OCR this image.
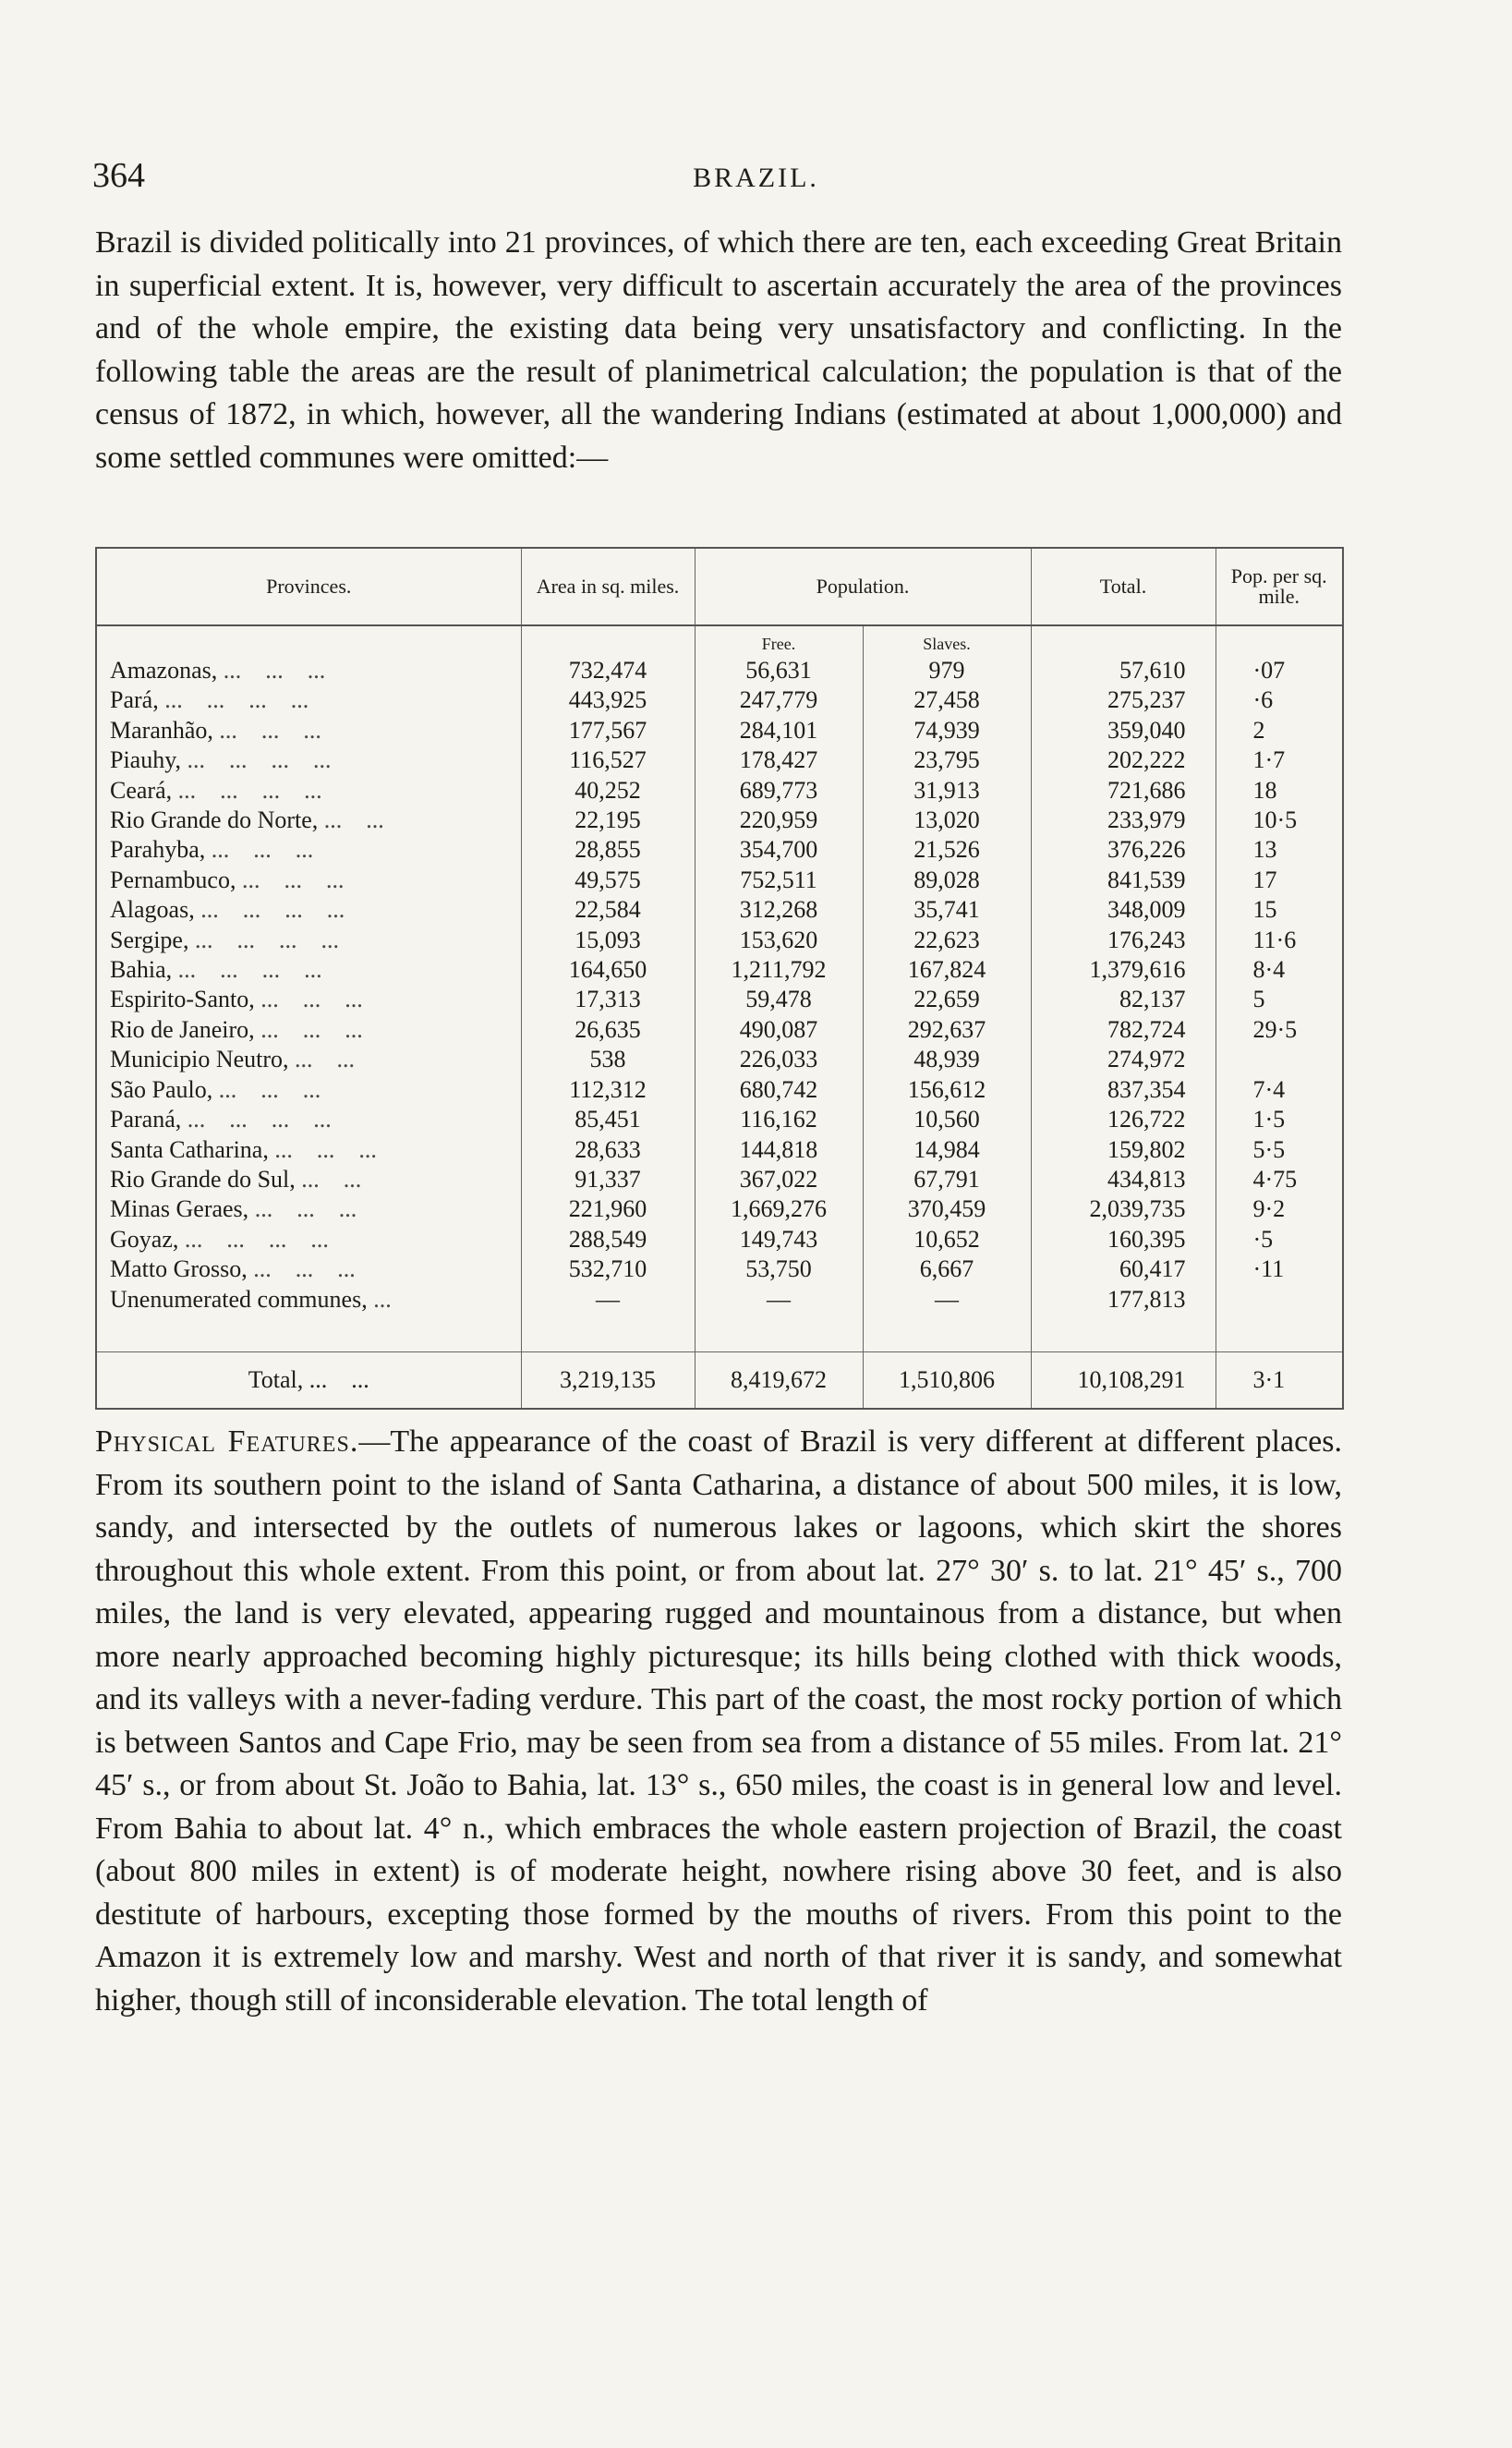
364	BRAZIL.

Brazil is divided politically into 21 provinces, of which there are ten, each exceeding Great Britain in superficial extent. It is, however, very difficult to ascertain accurately the area of the provinces and of the whole empire, the existing data being very unsatisfactory and conflicting. In the following table the areas are the result of planimetrical calculation; the population is that of the census of 1872, in which, however, all the wandering Indians (estimated at about 1,000,000) and some settled communes were omitted:—

Provinces.	Area in sq. miles.	Population.		Total.	Pop. per sq. mile.
		Free.	Slaves.		
Amazonas, ...    ...    ...	732,474	56,631	979	57,610	·07
Pará, ...    ...    ...    ...	443,925	247,779	27,458	275,237	·6
Maranhão, ...    ...    ...	177,567	284,101	74,939	359,040	2
Piauhy, ...    ...    ...    ...	116,527	178,427	23,795	202,222	1·7
Ceará, ...    ...    ...    ...	40,252	689,773	31,913	721,686	18
Rio Grande do Norte, ...    ...	22,195	220,959	13,020	233,979	10·5
Parahyba, ...    ...    ...	28,855	354,700	21,526	376,226	13
Pernambuco, ...    ...    ...	49,575	752,511	89,028	841,539	17
Alagoas, ...    ...    ...    ...	22,584	312,268	35,741	348,009	15
Sergipe, ...    ...    ...    ...	15,093	153,620	22,623	176,243	11·6
Bahia, ...    ...    ...    ...	164,650	1,211,792	167,824	1,379,616	8·4
Espirito-Santo, ...    ...    ...	17,313	59,478	22,659	82,137	5
Rio de Janeiro, ...    ...    ...	26,635	490,087	292,637	782,724	29·5
Municipio Neutro, ...    ...	538	226,033	48,939	274,972	
São Paulo, ...    ...    ...	112,312	680,742	156,612	837,354	7·4
Paraná, ...    ...    ...    ...	85,451	116,162	10,560	126,722	1·5
Santa Catharina, ...    ...    ...	28,633	144,818	14,984	159,802	5·5
Rio Grande do Sul, ...    ...	91,337	367,022	67,791	434,813	4·75
Minas Geraes, ...    ...    ...	221,960	1,669,276	370,459	2,039,735	9·2
Goyaz, ...    ...    ...    ...	288,549	149,743	10,652	160,395	·5
Matto Grosso, ...    ...    ...	532,710	53,750	6,667	60,417	·11
Unenumerated communes, ...	—	—	—	177,813	

Total, ...    ...	3,219,135	8,419,672	1,510,806	10,108,291	3·1

Physical Features.—The appearance of the coast of Brazil is very different at different places. From its southern point to the island of Santa Catharina, a distance of about 500 miles, it is low, sandy, and intersected by the outlets of numerous lakes or lagoons, which skirt the shores throughout this whole extent. From this point, or from about lat. 27° 30′ s. to lat. 21° 45′ s., 700 miles, the land is very elevated, appearing rugged and mountainous from a distance, but when more nearly approached becoming highly picturesque; its hills being clothed with thick woods, and its valleys with a never-fading verdure. This part of the coast, the most rocky portion of which is between Santos and Cape Frio, may be seen from sea from a distance of 55 miles. From lat. 21° 45′ s., or from about St. João to Bahia, lat. 13° s., 650 miles, the coast is in general low and level. From Bahia to about lat. 4° n., which embraces the whole eastern projection of Brazil, the coast (about 800 miles in extent) is of moderate height, nowhere rising above 30 feet, and is also destitute of harbours, excepting those formed by the mouths of rivers. From this point to the Amazon it is extremely low and marshy. West and north of that river it is sandy, and somewhat higher, though still of inconsiderable elevation. The total length of
